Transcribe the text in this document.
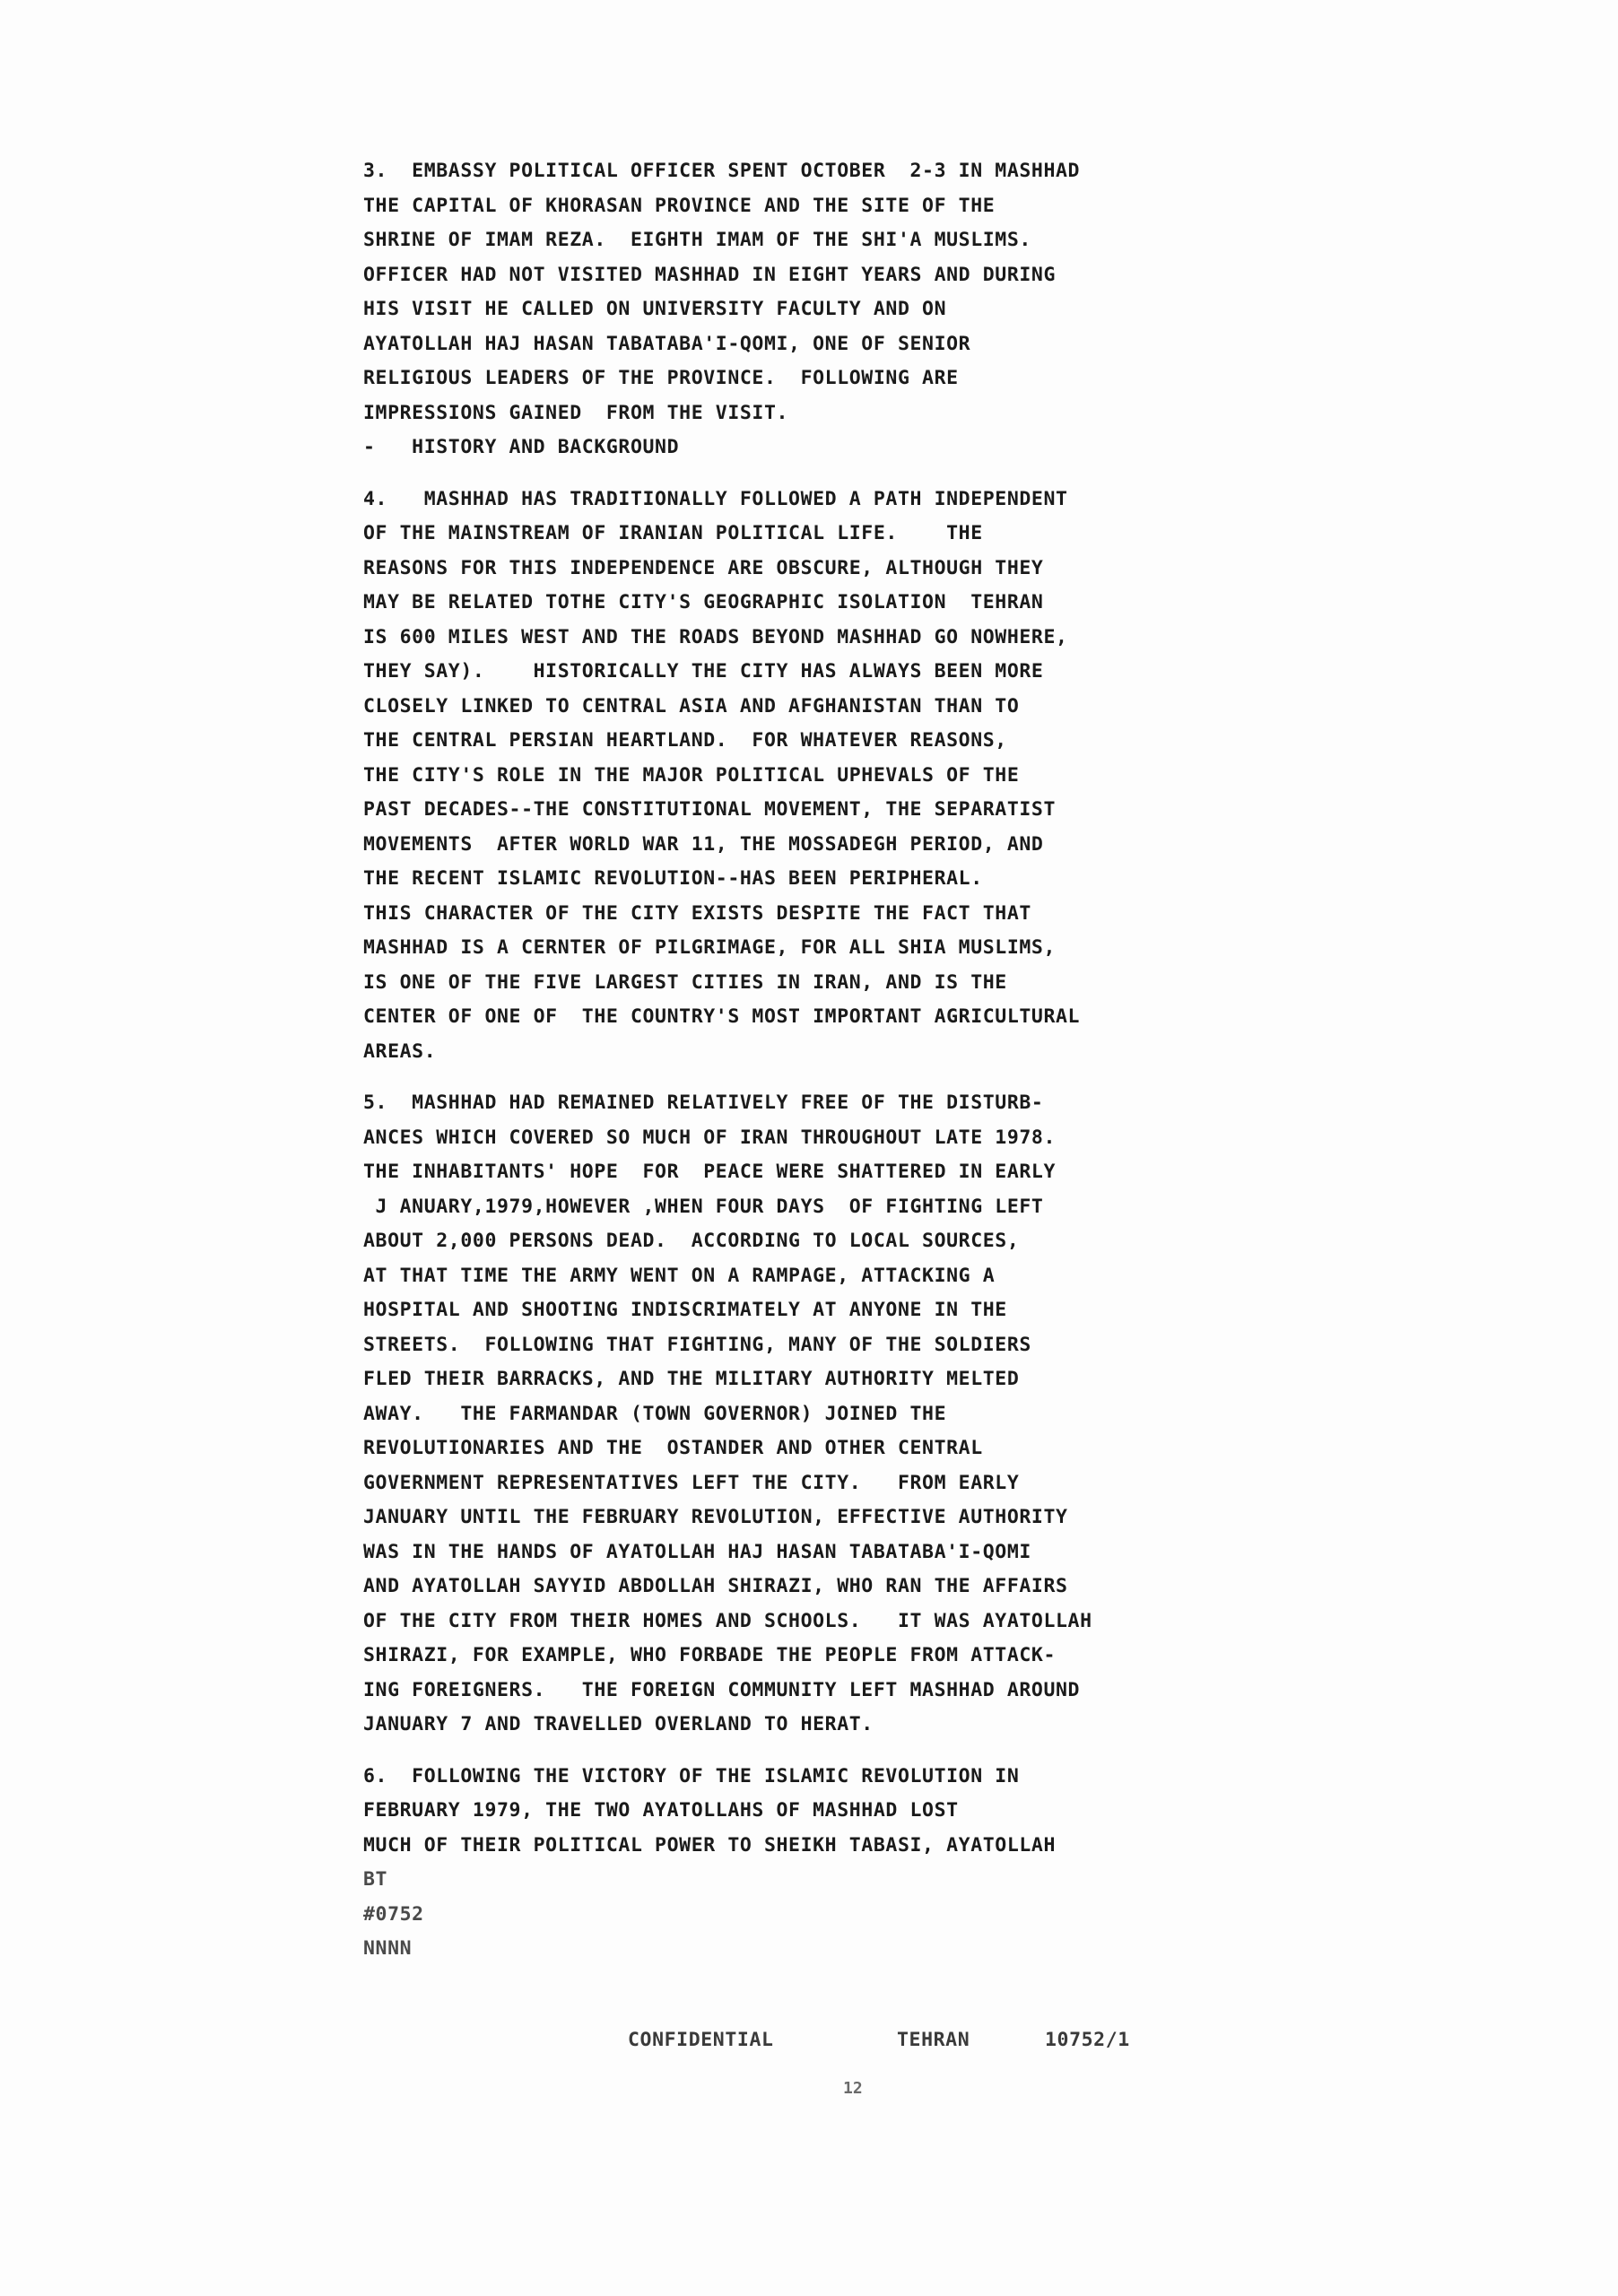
3.  EMBASSY POLITICAL OFFICER SPENT OCTOBER  2-3 IN MASHHAD
THE CAPITAL OF KHORASAN PROVINCE AND THE SITE OF THE
SHRINE OF IMAM REZA.  EIGHTH IMAM OF THE SHI'A MUSLIMS.
OFFICER HAD NOT VISITED MASHHAD IN EIGHT YEARS AND DURING
HIS VISIT HE CALLED ON UNIVERSITY FACULTY AND ON
AYATOLLAH HAJ HASAN TABATABA'I-QOMI, ONE OF SENIOR
RELIGIOUS LEADERS OF THE PROVINCE.  FOLLOWING ARE
IMPRESSIONS GAINED  FROM THE VISIT.
-   HISTORY AND BACKGROUND
4.   MASHHAD HAS TRADITIONALLY FOLLOWED A PATH INDEPENDENT
OF THE MAINSTREAM OF IRANIAN POLITICAL LIFE.    THE
REASONS FOR THIS INDEPENDENCE ARE OBSCURE, ALTHOUGH THEY
MAY BE RELATED TOTHE CITY'S GEOGRAPHIC ISOLATION  TEHRAN
IS 600 MILES WEST AND THE ROADS BEYOND MASHHAD GO NOWHERE,
THEY SAY).    HISTORICALLY THE CITY HAS ALWAYS BEEN MORE
CLOSELY LINKED TO CENTRAL ASIA AND AFGHANISTAN THAN TO
THE CENTRAL PERSIAN HEARTLAND.  FOR WHATEVER REASONS,
THE CITY'S ROLE IN THE MAJOR POLITICAL UPHEVALS OF THE
PAST DECADES--THE CONSTITUTIONAL MOVEMENT, THE SEPARATIST
MOVEMENTS  AFTER WORLD WAR 11, THE MOSSADEGH PERIOD, AND
THE RECENT ISLAMIC REVOLUTION--HAS BEEN PERIPHERAL.
THIS CHARACTER OF THE CITY EXISTS DESPITE THE FACT THAT
MASHHAD IS A CERNTER OF PILGRIMAGE, FOR ALL SHIA MUSLIMS,
IS ONE OF THE FIVE LARGEST CITIES IN IRAN, AND IS THE
CENTER OF ONE OF  THE COUNTRY'S MOST IMPORTANT AGRICULTURAL
AREAS.
5.  MASHHAD HAD REMAINED RELATIVELY FREE OF THE DISTURB-
ANCES WHICH COVERED SO MUCH OF IRAN THROUGHOUT LATE 1978.
THE INHABITANTS' HOPE  FOR  PEACE WERE SHATTERED IN EARLY
J ANUARY,1979,HOWEVER ,WHEN FOUR DAYS  OF FIGHTING LEFT
ABOUT 2,000 PERSONS DEAD.  ACCORDING TO LOCAL SOURCES,
AT THAT TIME THE ARMY WENT ON A RAMPAGE, ATTACKING A
HOSPITAL AND SHOOTING INDISCRIMATELY AT ANYONE IN THE
STREETS.  FOLLOWING THAT FIGHTING, MANY OF THE SOLDIERS
FLED THEIR BARRACKS, AND THE MILITARY AUTHORITY MELTED
AWAY.   THE FARMANDAR (TOWN GOVERNOR) JOINED THE
REVOLUTIONARIES AND THE  OSTANDER AND OTHER CENTRAL
GOVERNMENT REPRESENTATIVES LEFT THE CITY.   FROM EARLY
JANUARY UNTIL THE FEBRUARY REVOLUTION, EFFECTIVE AUTHORITY
WAS IN THE HANDS OF AYATOLLAH HAJ HASAN TABATABA'I-QOMI
AND AYATOLLAH SAYYID ABDOLLAH SHIRAZI, WHO RAN THE AFFAIRS
OF THE CITY FROM THEIR HOMES AND SCHOOLS.   IT WAS AYATOLLAH
SHIRAZI, FOR EXAMPLE, WHO FORBADE THE PEOPLE FROM ATTACK-
ING FOREIGNERS.   THE FOREIGN COMMUNITY LEFT MASHHAD AROUND
JANUARY 7 AND TRAVELLED OVERLAND TO HERAT.
6.  FOLLOWING THE VICTORY OF THE ISLAMIC REVOLUTION IN
FEBRUARY 1979, THE TWO AYATOLLAHS OF MASHHAD LOST
MUCH OF THEIR POLITICAL POWER TO SHEIKH TABASI, AYATOLLAH
BT
#0752
NNNN
CONFIDENTIAL	TEHRAN	10752/1
12
